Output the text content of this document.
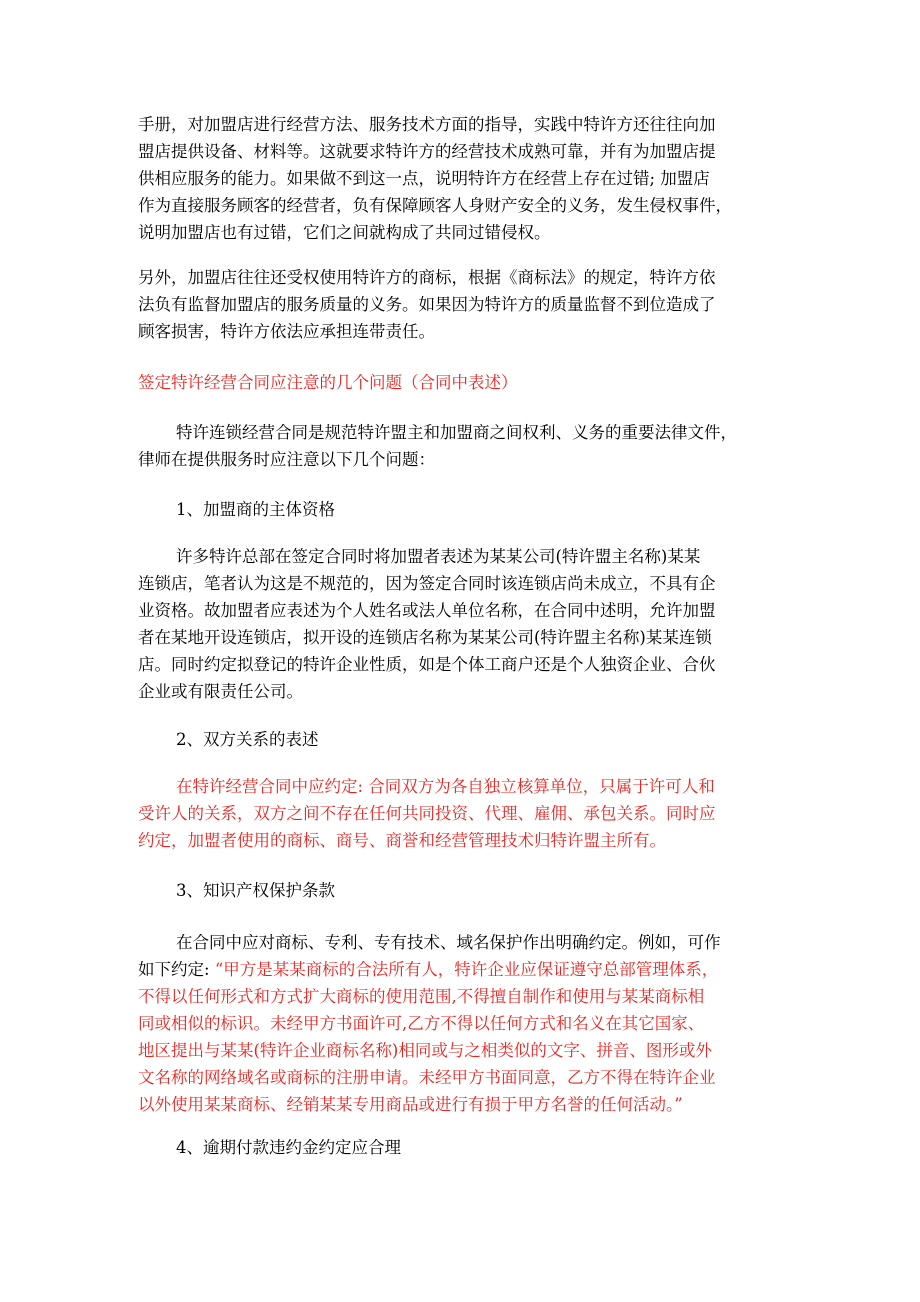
手册，对加盟店进行经营方法、服务技术方面的指导，实践中特许方还往往向加
盟店提供设备、材料等。这就要求特许方的经营技术成熟可靠，并有为加盟店提
供相应服务的能力。如果做不到这一点，说明特许方在经营上存在过错; 加盟店
作为直接服务顾客的经营者，负有保障顾客人身财产安全的义务，发生侵权事件，
说明加盟店也有过错，它们之间就构成了共同过错侵权。
另外，加盟店往往还受权使用特许方的商标，根据《商标法》的规定，特许方依
法负有监督加盟店的服务质量的义务。如果因为特许方的质量监督不到位造成了
顾客损害，特许方依法应承担连带责任。
签定特许经营合同应注意的几个问题（合同中表述）
特许连锁经营合同是规范特许盟主和加盟商之间权利、义务的重要法律文件，
律师在提供服务时应注意以下几个问题：
1、加盟商的主体资格
许多特许总部在签定合同时将加盟者表述为某某公司(特许盟主名称)某某
连锁店，笔者认为这是不规范的，因为签定合同时该连锁店尚未成立，不具有企
业资格。故加盟者应表述为个人姓名或法人单位名称，在合同中述明，允许加盟
者在某地开设连锁店，拟开设的连锁店名称为某某公司(特许盟主名称)某某连锁
店。同时约定拟登记的特许企业性质，如是个体工商户还是个人独资企业、合伙
企业或有限责任公司。
2、双方关系的表述
在特许经营合同中应约定: 合同双方为各自独立核算单位，只属于许可人和
受许人的关系，双方之间不存在任何共同投资、代理、雇佣、承包关系。同时应
约定，加盟者使用的商标、商号、商誉和经营管理技术归特许盟主所有。
3、知识产权保护条款
在合同中应对商标、专利、专有技术、域名保护作出明确约定。例如，可作
如下约定: “甲方是某某商标的合法所有人，特许企业应保证遵守总部管理体系，
不得以任何形式和方式扩大商标的使用范围,不得擅自制作和使用与某某商标相
同或相似的标识。未经甲方书面许可,乙方不得以任何方式和名义在其它国家、
地区提出与某某(特许企业商标名称)相同或与之相类似的文字、拼音、图形或外
文名称的网络域名或商标的注册申请。未经甲方书面同意，乙方不得在特许企业
以外使用某某商标、经销某某专用商品或进行有损于甲方名誉的任何活动。”
4、逾期付款违约金约定应合理
